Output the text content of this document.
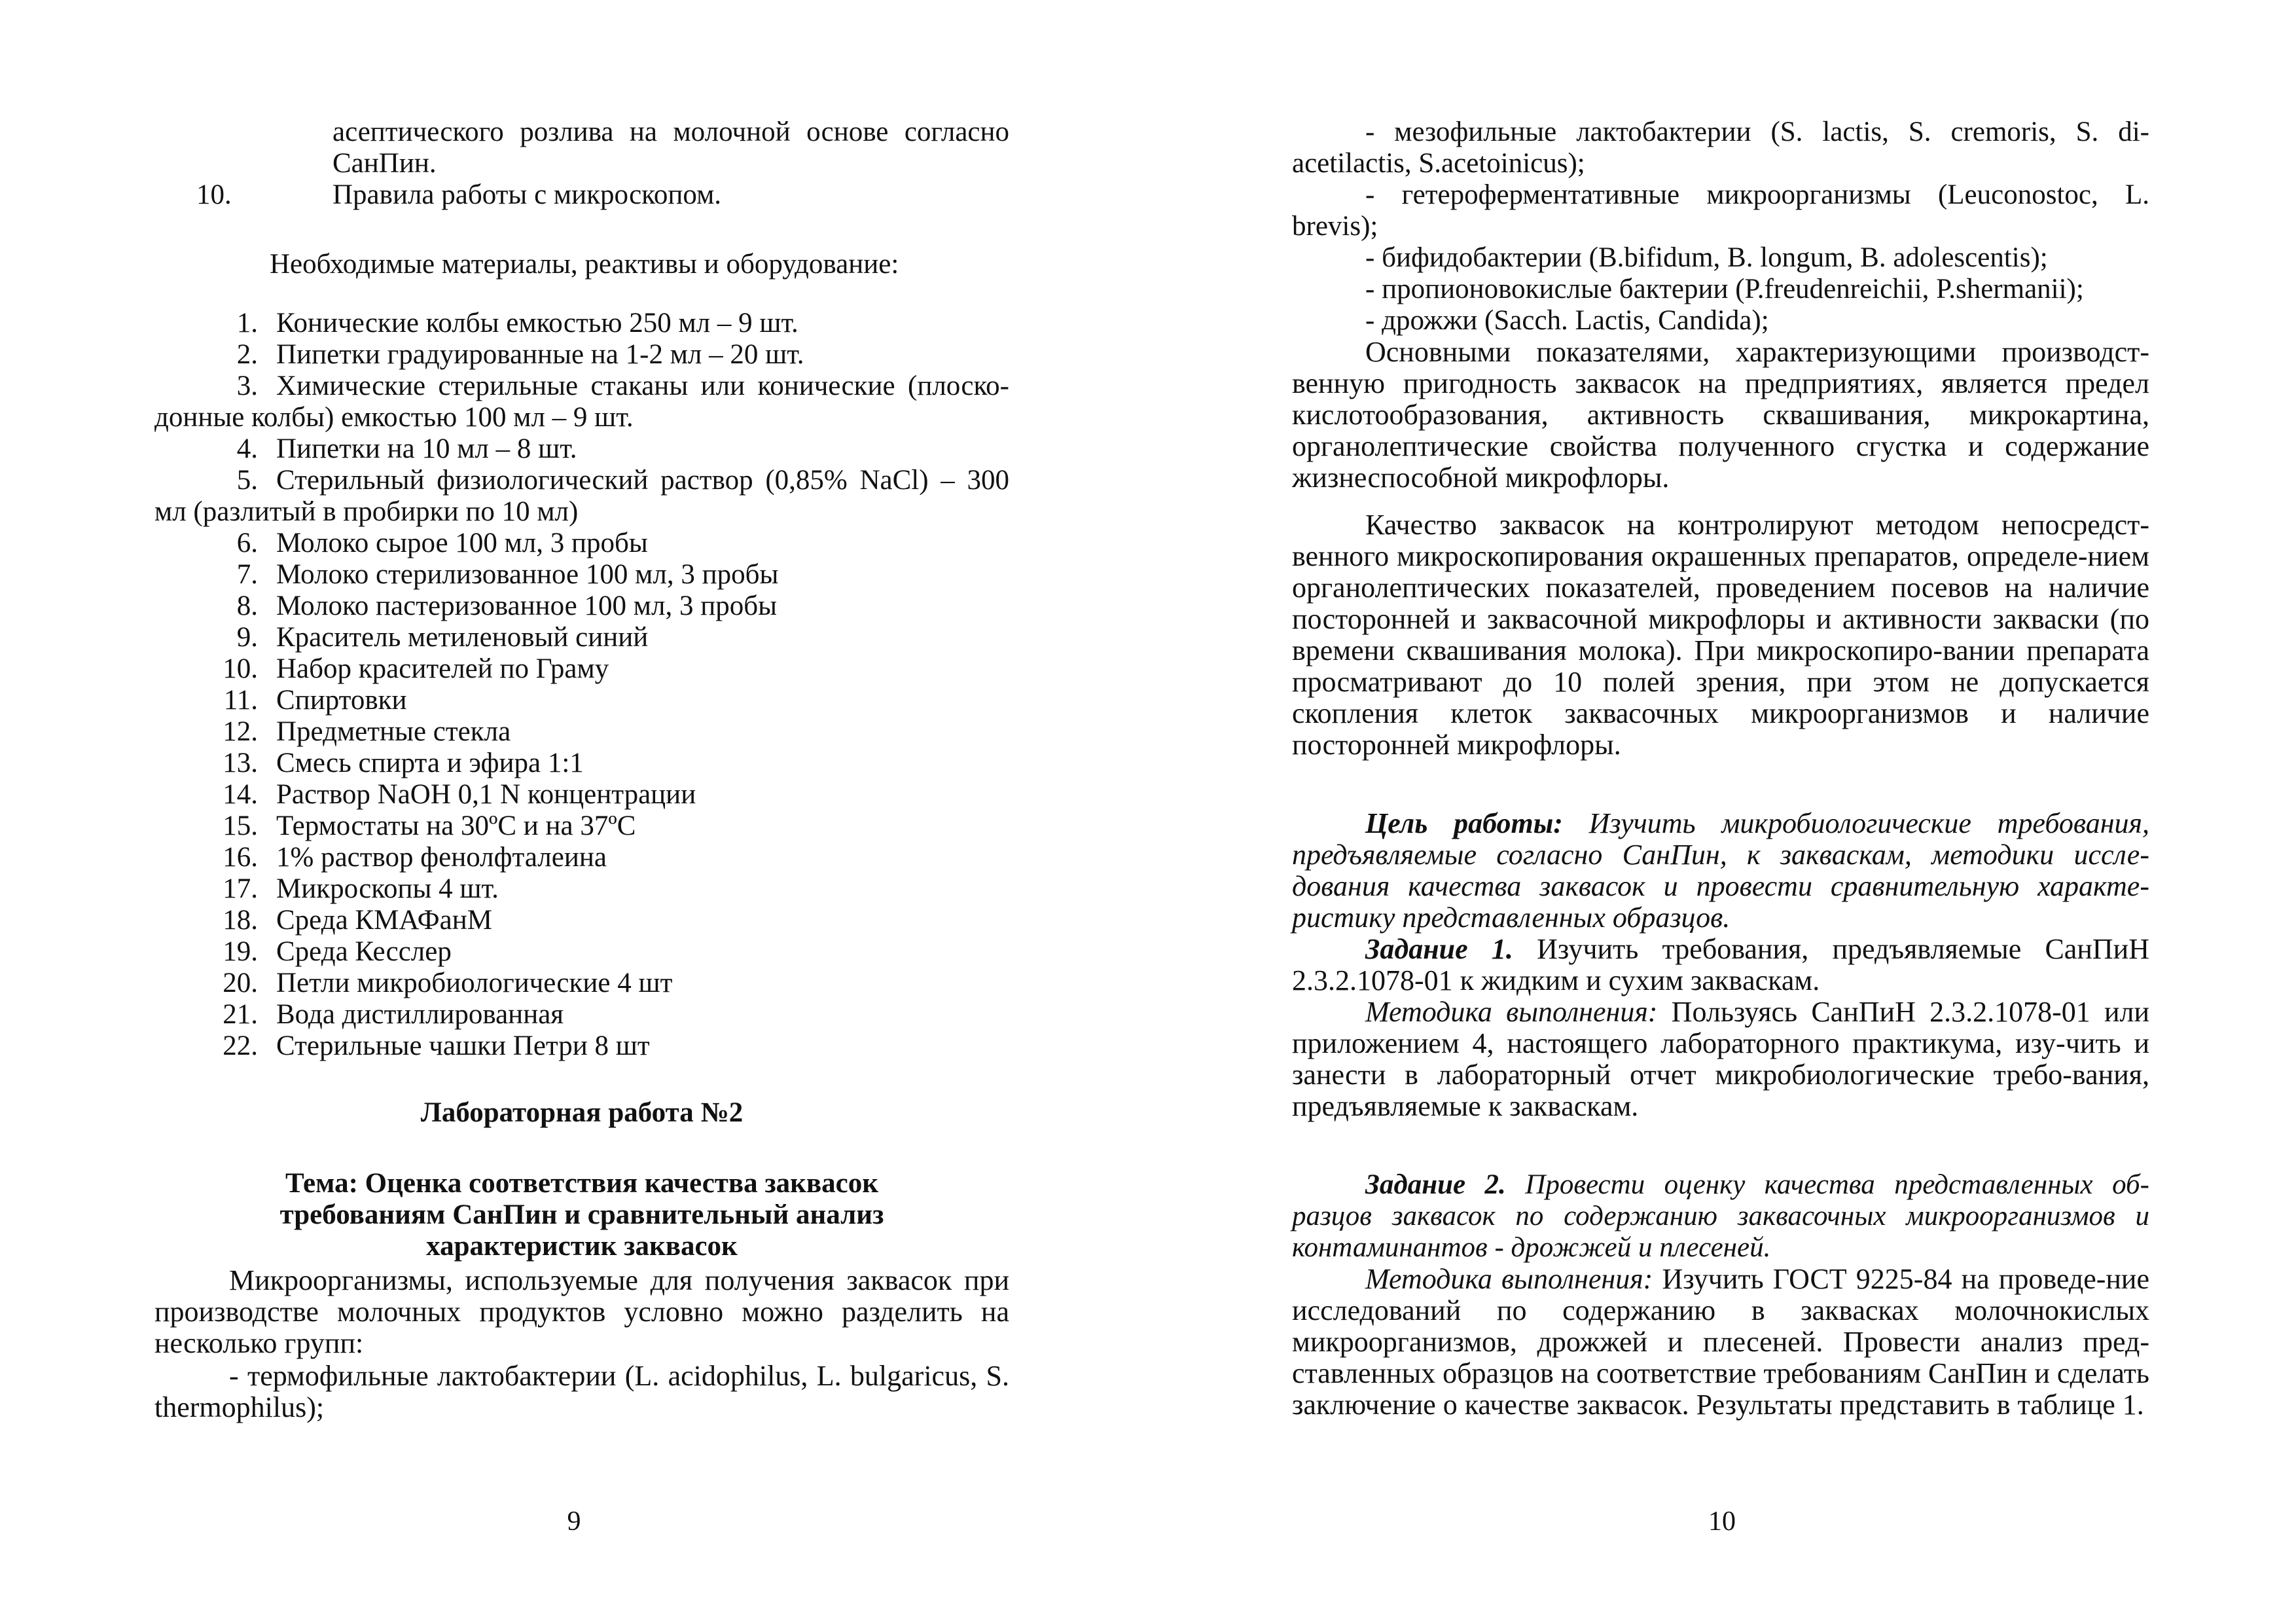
асептического розлива на молочной основе согласно СанПин.

10.	Правила работы с микроскопом.

Необходимые материалы, реактивы и оборудование:

1. Конические колбы емкостью 250 мл – 9 шт.
2. Пипетки градуированные на 1-2 мл – 20 шт.
3. Химические стерильные стаканы или конические (плоско-донные колбы) емкостью 100 мл – 9 шт.
4. Пипетки на 10 мл – 8 шт.
5. Стерильный физиологический раствор (0,85% NaCl) – 300 мл (разлитый в пробирки по 10 мл)
6. Молоко сырое 100 мл, 3 пробы
7. Молоко стерилизованное 100 мл, 3 пробы
8. Молоко пастеризованное 100 мл, 3 пробы
9. Краситель метиленовый синий
10. Набор красителей по Граму
11. Спиртовки
12. Предметные стекла
13. Смесь спирта и эфира 1:1
14. Раствор NaOH 0,1 N концентрации
15. Термостаты на 30ºС и на 37ºС
16. 1% раствор фенолфталеина
17. Микроскопы 4 шт.
18. Среда КМАФанМ
19. Среда Кесслер
20. Петли микробиологические 4 шт
21. Вода дистиллированная
22. Стерильные чашки Петри 8 шт

Лабораторная работа №2

Тема: Оценка соответствия качества заквасок

требованиям СанПин и сравнительный анализ

характеристик заквасок

Микроорганизмы, используемые для получения заквасок при производстве молочных продуктов условно можно разделить на несколько групп:

- термофильные лактобактерии (L. acidophilus, L. bulgaricus, S. thermophilus);

9

- мезофильные лактобактерии (S. lactis, S. cremoris, S. di-acetilactis, S.acetoinicus);

- гетероферментативные микроорганизмы (Leuconostoc, L. brevis);

- бифидобактерии (B.bifidum, B. longum, B. adolescentis);

- пропионовокислые бактерии (P.freudenreichii, P.shermanii);

- дрожжи (Sacch. Lactis, Candida);

Основными показателями, характеризующими производст-венную пригодность заквасок на предприятиях, является предел кислотообразования, активность сквашивания, микрокартина, органолептические свойства полученного сгустка и содержание жизнеспособной микрофлоры.

Качество заквасок на контролируют методом непосредст-венного микроскопирования окрашенных препаратов, определе-нием органолептических показателей, проведением посевов на наличие посторонней и заквасочной микрофлоры и активности закваски (по времени сквашивания молока). При микроскопиро-вании препарата просматривают до 10 полей зрения, при этом не допускается скопления клеток заквасочных микроорганизмов и наличие посторонней микрофлоры.

Цель работы: Изучить микробиологические требования, предъявляемые согласно СанПин, к заквaскам, методики иссле-дования качества заквасок и провести сравнительную характе-ристику представленных образцов.

Задание 1. Изучить требования, предъявляемые СанПиН 2.3.2.1078-01 к жидким и сухим заквaскам.

Методика выполнения: Пользуясь СанПиН 2.3.2.1078-01 или приложением 4, настоящего лабораторного практикума, изу-чить и занести в лабораторный отчет микробиологические требо-вания, предъявляемые к заквaскам.

Задание 2. Провести оценку качества представленных об-разцов заквасок по содержанию заквасочных микроорганизмов и контаминантов - дрожжей и плесеней.

Методика выполнения: Изучить ГОСТ 9225-84 на проведе-ние исследований по содержанию в заквaсках молочнокислых микроорганизмов, дрожжей и плесеней. Провести анализ пред-ставленных образцов на соответствие требованиям СанПин и сделать заключение о качестве заквасок. Результаты представить в таблице 1.

10
